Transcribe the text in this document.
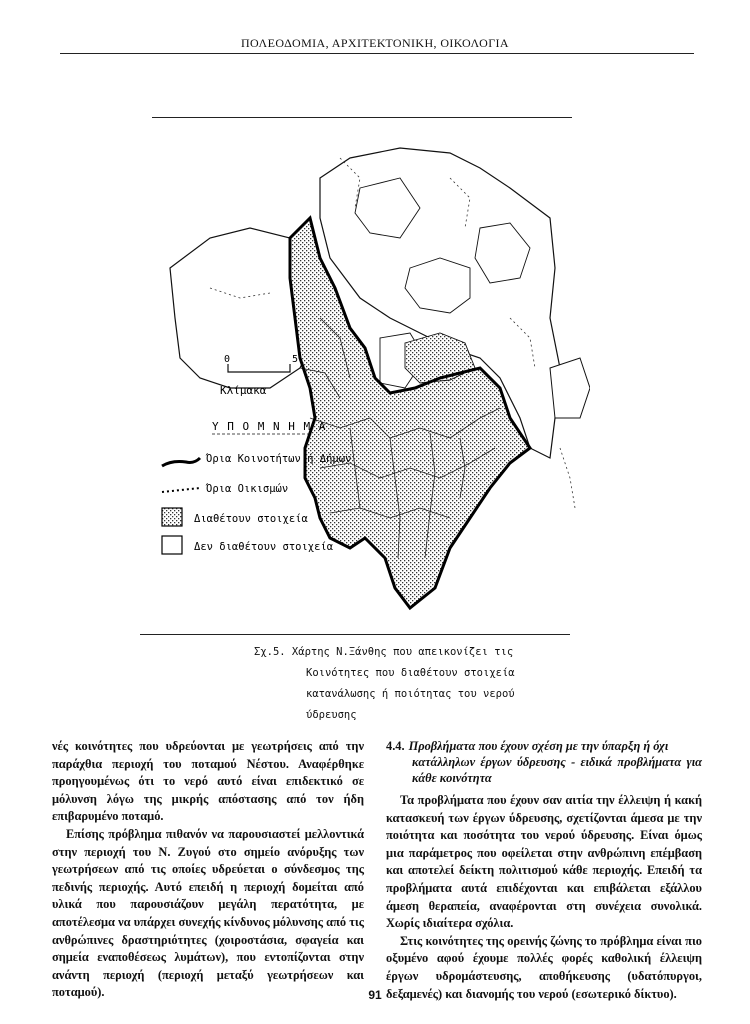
ΠΟΛΕΟΔΟΜΙΑ, ΑΡΧΙΤΕΚΤΟΝΙΚΗ, ΟΙΚΟΛΟΓΙΑ
0	5
Κλίμακα
Υ Π Ο Μ Ν Η Μ Α
Όρια Κοινοτήτων ή Δήμων
Όρια Οικισμών
Διαθέτουν στοιχεία
Δεν διαθέτουν στοιχεία
Σχ.5. Χάρτης Ν.Ξάνθης που απεικονίζει τις
Κοινότητες που διαθέτουν στοιχεία
κατανάλωσης ή ποιότητας του νερού
ύδρευσης

νές κοινότητες που υδρεύονται με γεωτρήσεις από την παράχθια περιοχή του ποταμού Νέστου. Αναφέρθηκε προηγουμένως ότι το νερό αυτό είναι επιδεκτικό σε μόλυνση λόγω της μικρής απόστασης από τον ήδη επιβαρυμένο ποταμό.

Επίσης πρόβλημα πιθανόν να παρουσιαστεί μελλοντικά στην περιοχή του Ν. Ζυγού στο σημείο ανόρυξης των γεωτρήσεων από τις οποίες υδρεύεται ο σύνδεσμος της πεδινής περιοχής. Αυτό επειδή η περιοχή δομείται από υλικά που παρουσιάζουν μεγάλη περατότητα, με αποτέλεσμα να υπάρχει συνεχής κίνδυνος μόλυνσης από τις ανθρώπινες δραστηριότητες (χοιροστάσια, σφαγεία και σημεία εναποθέσεως λυμάτων), που εντοπίζονται στην ανάντη περιοχή (περιοχή μεταξύ γεωτρήσεων και ποταμού).

4.4. Προβλήματα που έχουν σχέση με την ύπαρξη ή όχι
κατάλληλων έργων ύδρευσης - ειδικά προβλήματα για κάθε κοινότητα

Τα προβλήματα που έχουν σαν αιτία την έλλειψη ή κακή κατασκευή των έργων ύδρευσης, σχετίζονται άμεσα με την ποιότητα και ποσότητα του νερού ύδρευσης. Είναι όμως μια παράμετρος που οφείλεται στην ανθρώπινη επέμβαση και αποτελεί δείκτη πολιτισμού κάθε περιοχής. Επειδή τα προβλήματα αυτά επιδέχονται και επιβάλεται εξάλλου άμεση θεραπεία, αναφέρονται στη συνέχεια συνολικά. Χωρίς ιδιαίτερα σχόλια.

Στις κοινότητες της ορεινής ζώνης το πρόβλημα είναι πιο οξυμένο αφού έχουμε πολλές φορές καθολική έλλειψη έργων υδρομάστευσης, αποθήκευσης (υδατόπυργοι, δεξαμενές) και διανομής του νερού (εσωτερικό δίκτυο).

91
